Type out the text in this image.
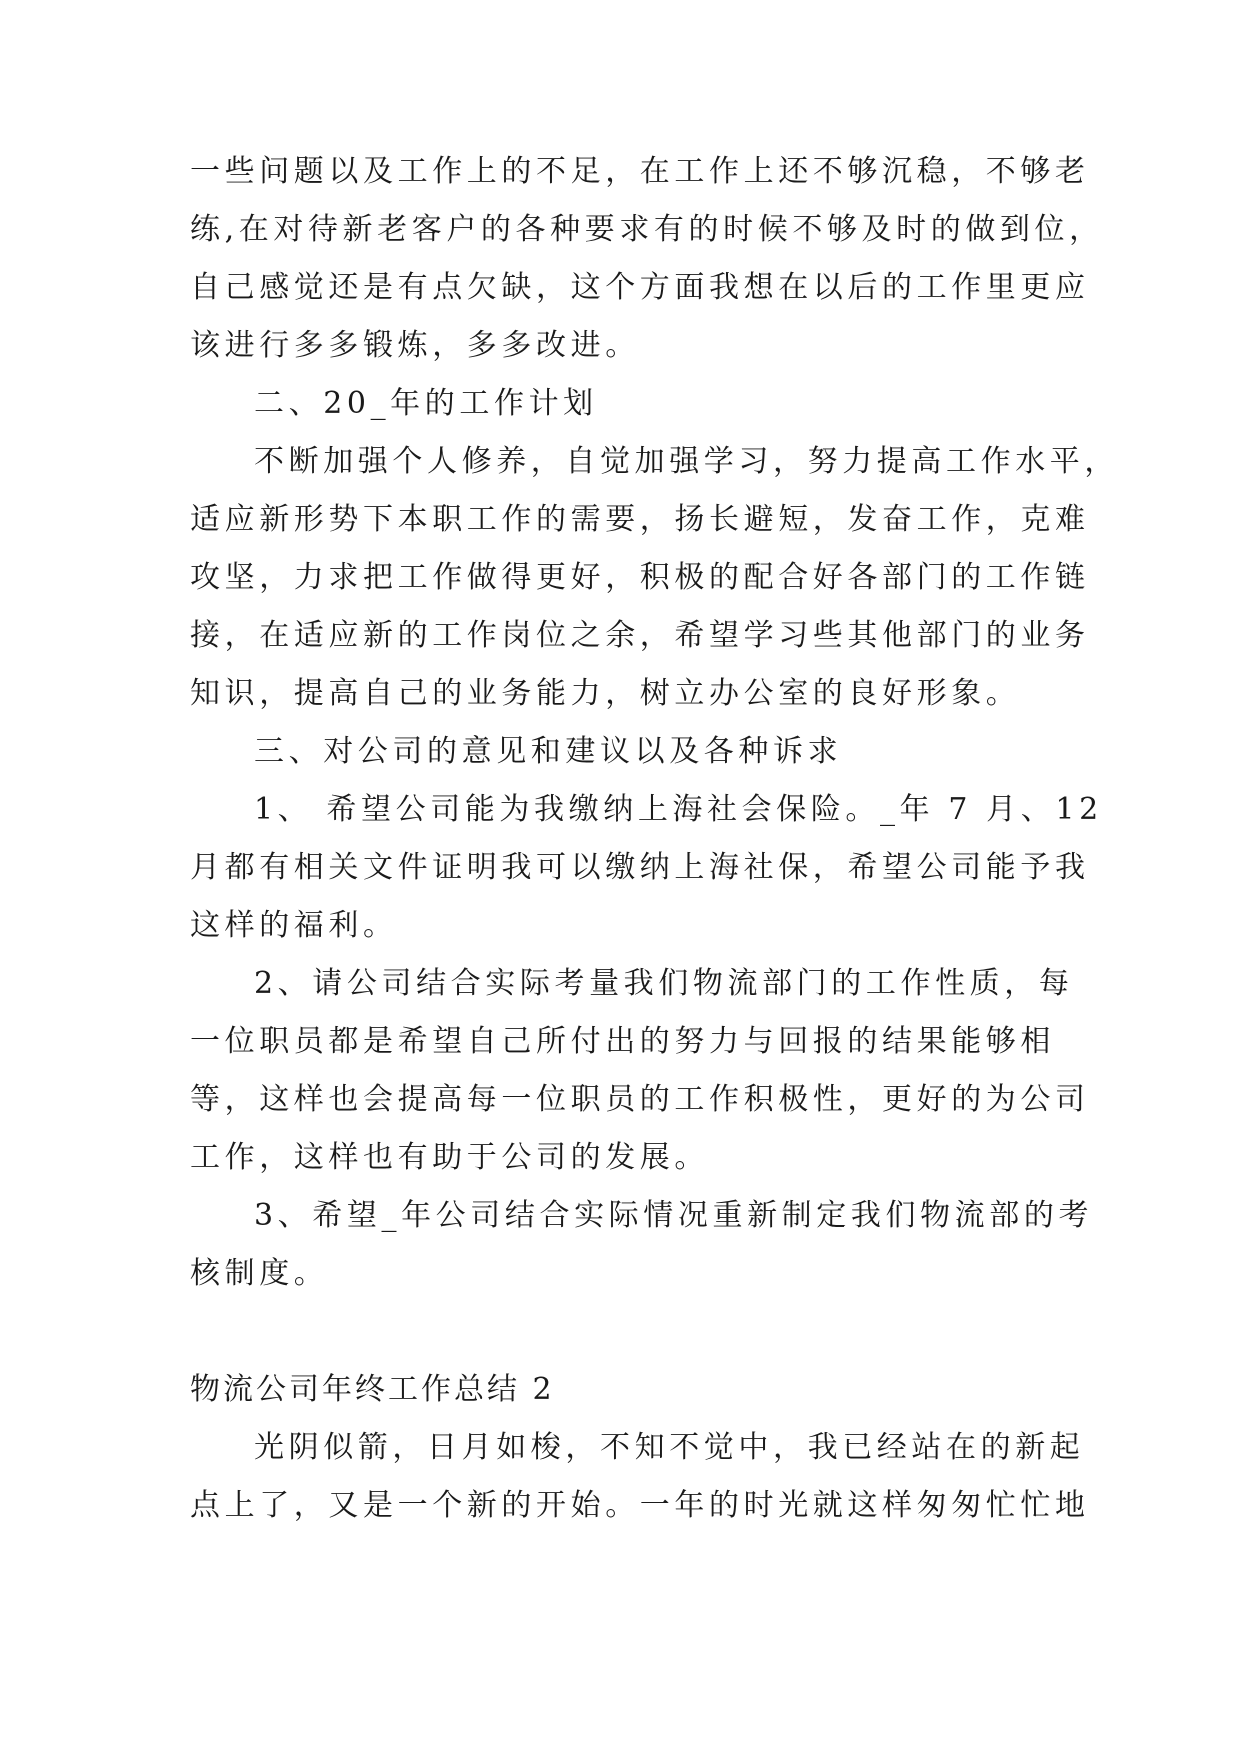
一些问题以及工作上的不足，在工作上还不够沉稳，不够老
练,在对待新老客户的各种要求有的时候不够及时的做到位，
自己感觉还是有点欠缺，这个方面我想在以后的工作里更应
该进行多多锻炼，多多改进。
二、20_年的工作计划
不断加强个人修养，自觉加强学习，努力提高工作水平，
适应新形势下本职工作的需要，扬长避短，发奋工作，克难
攻坚，力求把工作做得更好，积极的配合好各部门的工作链
接，在适应新的工作岗位之余，希望学习些其他部门的业务
知识，提高自己的业务能力，树立办公室的良好形象。
三、对公司的意见和建议以及各种诉求
1、 希望公司能为我缴纳上海社会保险。_年 7 月、12
月都有相关文件证明我可以缴纳上海社保，希望公司能予我
这样的福利。
2、请公司结合实际考量我们物流部门的工作性质，每
一位职员都是希望自己所付出的努力与回报的结果能够相
等，这样也会提高每一位职员的工作积极性，更好的为公司
工作，这样也有助于公司的发展。
3、希望_年公司结合实际情况重新制定我们物流部的考
核制度。
物流公司年终工作总结 2
光阴似箭，日月如梭，不知不觉中，我已经站在的新起
点上了，又是一个新的开始。一年的时光就这样匆匆忙忙地
